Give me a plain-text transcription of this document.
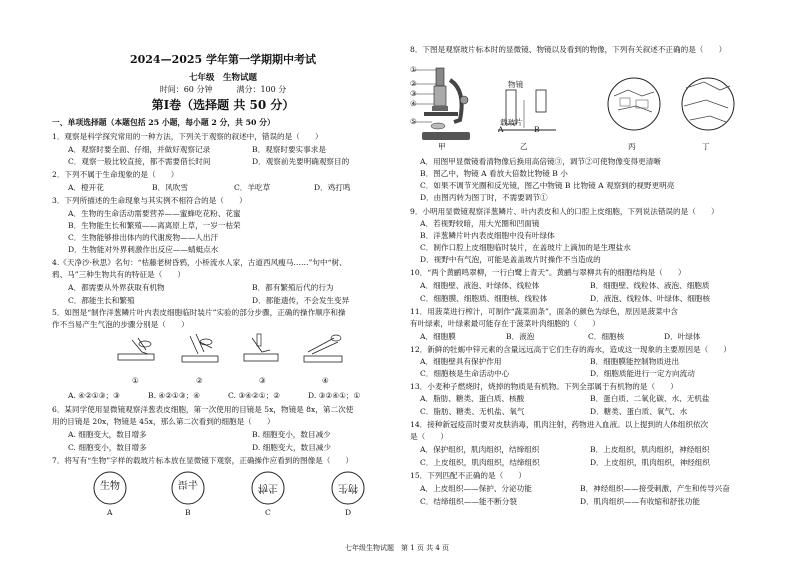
2024—2025 学年第一学期期中考试
七年级　生物试题
时间：60 分钟　　　满分：100 分
第Ⅰ卷（选择题 共 50 分）
一、单项选择题（本题包括 25 小题，每小题 2 分，共 50 分）
1．观察是科学探究常用的一种方法，下列关于观察的叙述中，错误的是（　　）
A．观察时要全面、仔细，并做好观察记录	B．观察时要实事求是
C．观察一般比较直接，都不需要借长时间	D．观察前先要明确观察目的
2．下列不属于生命现象的是（　　）
A．橙开花	B．风吹雪	C．羊吃草	D．鸡打鸣
3．下列所描述的生命现象与其实例不相符合的是（　　）
A．生物的生命活动需要营养——蜜蜂吃花粉、花蜜
B．生物能生长和繁殖——离离原上草，一岁一枯荣
C．生物能够排出体内的代谢废物——人出汗
D．生物能对外界刺激作出反应——蜻蜓点水
4.《天净沙·秋思》名句：“枯藤老树昏鸦，小桥流水人家，古道西风瘦马……”句中“树、
鸦、马”三种生物共有的特征是（　　）
A．都需要从外界获取有机物	B．都有繁殖后代的行为
C．都能生长和繁殖	D．都能遗传，不会发生变异
5．如图是“制作洋葱鳞片叶内表皮细胞临时装片”实验的部分步骤，正确的操作顺序和操
作不当易产生气泡的步骤分别是（　　）
①	②	③	④
A. ④②①③；③	B. ④②①③；④	C. ③④②①；②	D. ③②④①；①
6．某同学使用显微镜观察洋葱表皮细胞，第一次使用的目镜是 5x，物镜是 8x，第二次使
用的目镜是 20x，物镜是 45x，那么第二次看到的细胞是（　　）
A. 细胞变大，数目增多	B. 细胞变小，数目减少
C. 细胞变小，数目增多	D. 细胞变大，数目减少
7．将写有“生物”字样的载玻片标本放在显微镜下观察，正确操作应看到的图像是（　　）
生物	牛语	物生	物生
A	B	C	D
8．下图是观察玻片标本时的显微镜、物镜以及看到的物像，下列有关叙述不正确的是（　　）
①
②
③
④
⑤
物镜
载玻片
A	B
甲	乙	丙	丁
A．用图甲显微镜看清物像后换用高倍镜③，调节②可使物像变得更清晰
B．图乙中，物镜 A 看放大倍数比物镜 B 小
C．如果不调节光圈和反光镜，图乙中物镜 B 比物镜 A 观察到的视野更明亮
D．由图丙转为图丁时，不需要调节①
9．小明用显微镜观察洋葱鳞片、叶内表皮和人的口腔上皮细胞，下列说法错误的是（　　）
A．若视野较暗，用大光圈和凹面镜
B．洋葱鳞片叶内表皮细胞中没有叶绿体
C．制作口腔上皮细胞临时装片，在盖玻片上滴加的是生理盐水
D．视野中有气泡，可能是盖盖玻片时操作不当造成的
10．“两个黄鹂鸣翠柳，一行白鹭上青天”。黄鹂与翠柳共有的细胞结构是（　　）
A．细胞壁、液泡、叶绿体、线粒体	B．细胞壁、线粒体、液泡、细胞质
C．细胞膜、细胞质、细胞核、线粒体	D．液泡、线粒体、叶绿体、细胞核
11．用菠菜进行榨汁，可制作“蔬菜面条”，面条的颜色为绿色，原因是菠菜中含
有叶绿素，叶绿素最可能存在于菠菜叶肉细胞的（　　）
A．细胞膜	B．液泡	C．细胞核	D．叶绿体
12．新鲜的牡蛎中锌元素的含量远远高于它们生存的海水，造成这一现象的主要原因是（　　）
A．细胞壁具有保护作用	B．细胞膜能控制物质进出
C．细胞核是生命活动中心	D．细胞质能进行一定方向流动
13．小麦种子燃烧时，烧掉的物质是有机物。下列全部属于有机物的是（　　）
A．脂肪、糖类、蛋白质、核酸	B．蛋白质、二氧化碳、水、无机盐
C．脂肪、糖类、无机盐、氧气	D．糖类、蛋白质、氧气、水
14．接种新冠疫苗时要对皮肤消毒，肌肉注射，药物进入血液。以上提到的人体组织依次
是（　　）
A．保护组织，肌肉组织，结缔组织	B．上皮组织，肌肉组织，神经组织
C．上皮组织，肌肉组织，结缔组织	D．上皮组织，肌肉组织，神经组织
15．下列匹配不正确的是（　　）
A．上皮组织——保护、分泌功能	B．神经组织——接受刺激，产生和传导兴奋
C．结缔组织——能不断分裂	D．肌肉组织——有收缩和舒张功能
七年级生物试题　第 1 页 共 4 页
